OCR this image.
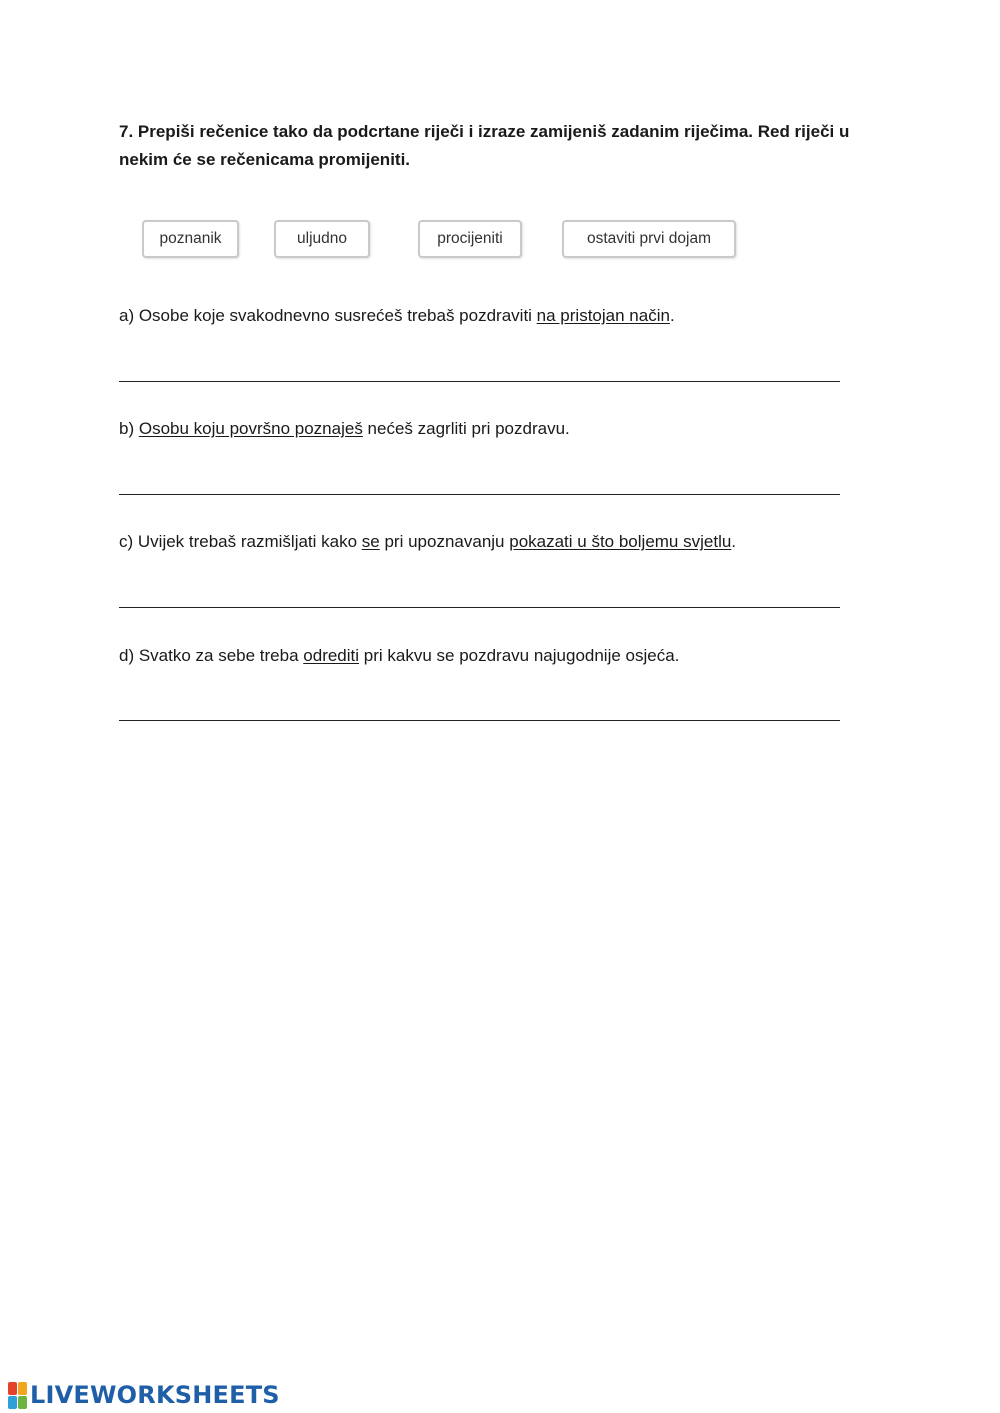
7. Prepiši rečenice tako da podcrtane riječi i izraze zamijeniš zadanim riječima. Red riječi u nekim će se rečenicama promijeniti.

poznanik	uljudno	procijeniti	ostaviti prvi dojam

a) Osobe koje svakodnevno susrećeš trebaš pozdraviti na pristojan način.

b) Osobu koju površno poznaješ nećeš zagrliti pri pozdravu.

c) Uvijek trebaš razmišljati kako se pri upoznavanju pokazati u što boljemu svjetlu.

d) Svatko za sebe treba odrediti pri kakvu se pozdravu najugodnije osjeća.

LIVEWORKSHEETS
